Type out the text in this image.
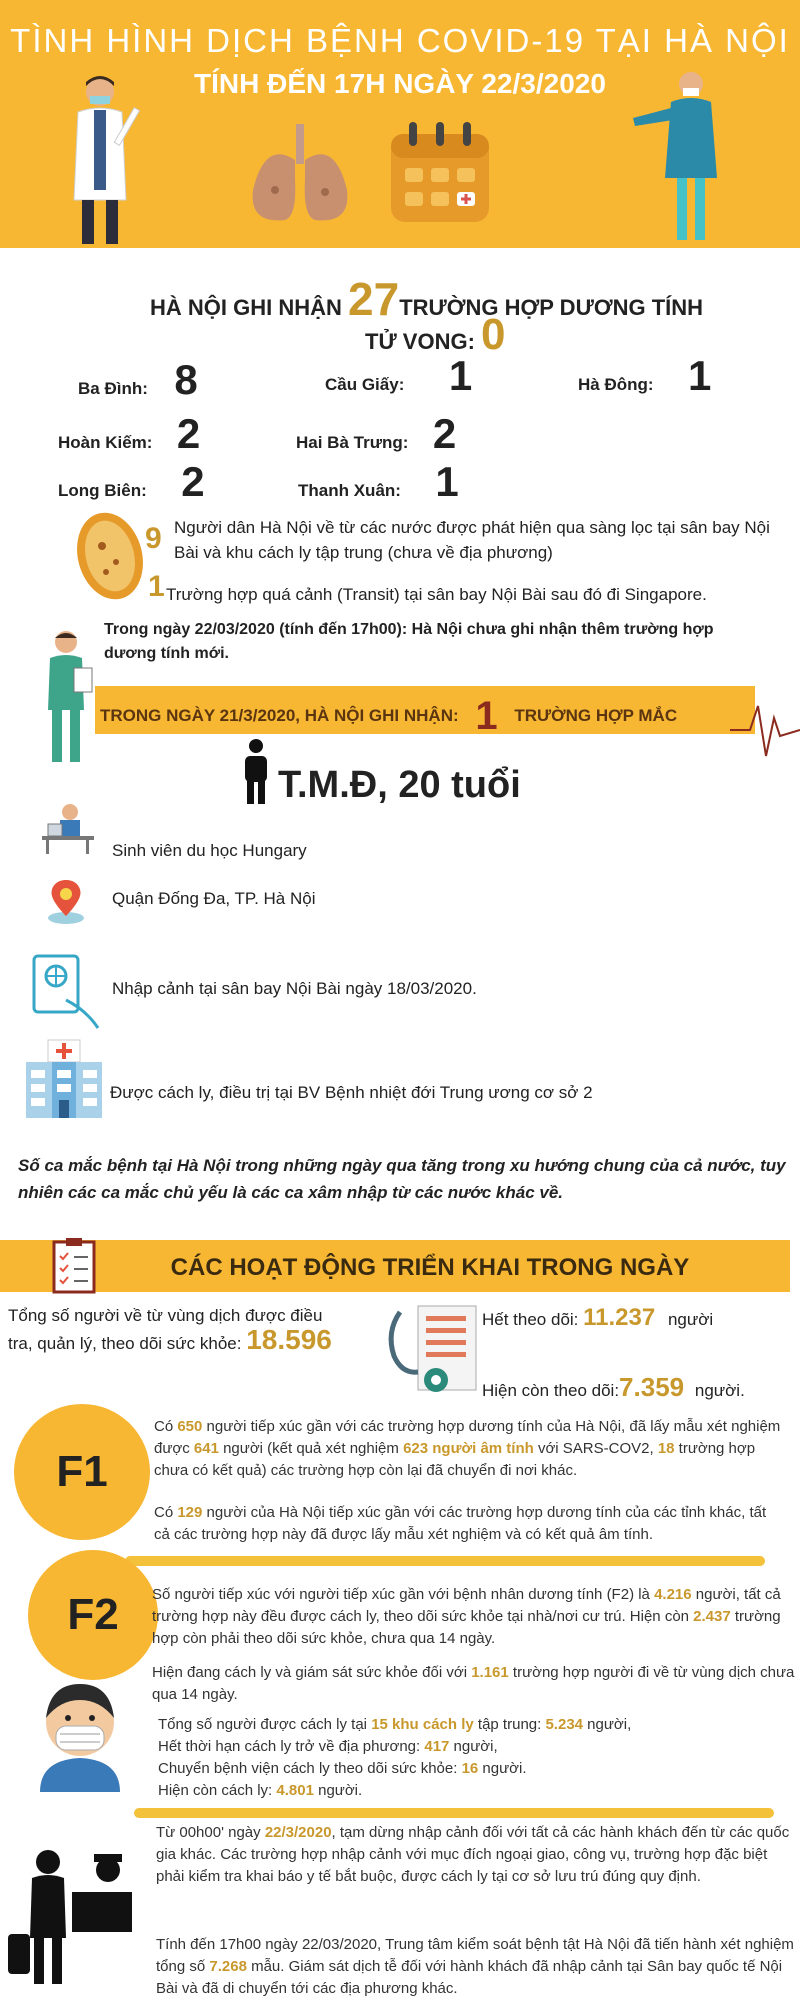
TÌNH HÌNH DỊCH BỆNH COVID-19 TẠI HÀ NỘI
TÍNH ĐẾN 17H NGÀY 22/3/2020
HÀ NỘI GHI NHẬN 27TRƯỜNG HỢP DƯƠNG TÍNH
TỬ VONG: 0
Ba Đình: 8	Cầu Giấy: 1	Hà Đông: 1
Hoàn Kiếm: 2	Hai Bà Trưng: 2
Long Biên: 2	Thanh Xuân: 1
9 Người dân Hà Nội về từ các nước được phát hiện qua sàng lọc tại sân bay Nội Bài và khu cách ly tập trung (chưa về địa phương)
1 Trường hợp quá cảnh (Transit) tại sân bay Nội Bài sau đó đi Singapore.
Trong ngày 22/03/2020 (tính đến 17h00): Hà Nội chưa ghi nhận thêm trường hợp dương tính mới.
TRONG NGÀY 21/3/2020, HÀ NỘI GHI NHẬN: 1 TRƯỜNG HỢP MẮC
T.M.Đ, 20 tuổi
Sinh viên du học Hungary
Quận Đống Đa, TP. Hà Nội
Nhập cảnh tại sân bay Nội Bài ngày 18/03/2020.
Được cách ly, điều trị tại BV Bệnh nhiệt đới Trung ương cơ sở 2
Số ca mắc bệnh tại Hà Nội trong những ngày qua tăng trong xu hướng chung của cả nước, tuy nhiên các ca mắc chủ yếu là các ca xâm nhập từ các nước khác về.
CÁC HOẠT ĐỘNG TRIỂN KHAI TRONG NGÀY
Tổng số người về từ vùng dịch được điều tra, quản lý, theo dõi sức khỏe: 18.596
Hết theo dõi: 11.237 người
Hiện còn theo dõi:7.359 người.
F1
Có 650 người tiếp xúc gần với các trường hợp dương tính của Hà Nội, đã lấy mẫu xét nghiệm được 641 người (kết quả xét nghiệm 623 người âm tính với SARS-COV2, 18 trường hợp chưa có kết quả) các trường hợp còn lại đã chuyển đi nơi khác.
Có 129 người của Hà Nội tiếp xúc gần với các trường hợp dương tính của các tỉnh khác, tất cả các trường hợp này đã được lấy mẫu xét nghiệm và có kết quả âm tính.
F2	Số người tiếp xúc với người tiếp xúc gần với bệnh nhân dương tính (F2) là 4.216 người, tất cả trường hợp này đều được cách ly, theo dõi sức khỏe tại nhà/nơi cư trú. Hiện còn 2.437 trường hợp còn phải theo dõi sức khỏe, chưa qua 14 ngày.
Hiện đang cách ly và giám sát sức khỏe đối với 1.161 trường hợp người đi về từ vùng dịch chưa qua 14 ngày.
Tổng số người được cách ly tại 15 khu cách ly tập trung: 5.234 người,
Hết thời hạn cách ly trở về địa phương: 417 người,
Chuyển bệnh viện cách ly theo dõi sức khỏe: 16 người.
Hiện còn cách ly: 4.801 người.
Từ 00h00' ngày 22/3/2020, tạm dừng nhập cảnh đối với tất cả các hành khách đến từ các quốc gia khác. Các trường hợp nhập cảnh với mục đích ngoại giao, công vụ, trường hợp đặc biệt phải kiểm tra khai báo y tế bắt buộc, được cách ly tại cơ sở lưu trú đúng quy định.
Tính đến 17h00 ngày 22/03/2020, Trung tâm kiểm soát bệnh tật Hà Nội đã tiến hành xét nghiệm tổng số 7.268 mẫu. Giám sát dịch tễ đối với hành khách đã nhập cảnh tại Sân bay quốc tế Nội Bài và đã di chuyển tới các địa phương khác.
